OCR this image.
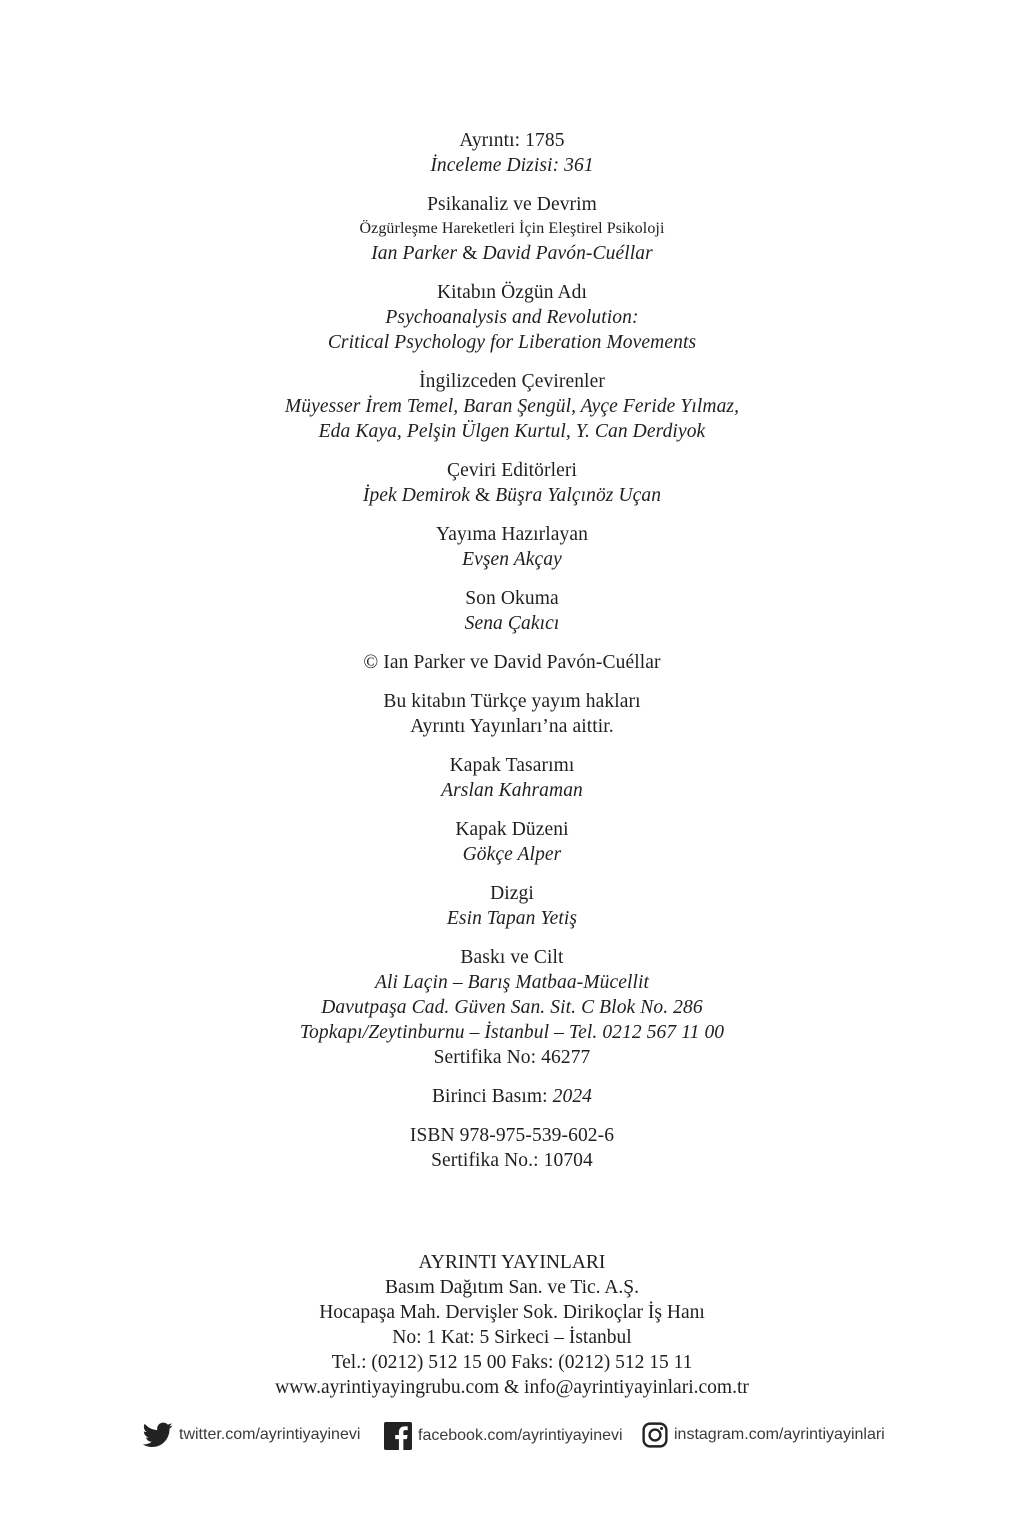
Ayrıntı: 1785
İnceleme Dizisi: 361
Psikanaliz ve Devrim
Özgürleşme Hareketleri İçin Eleştirel Psikoloji
Ian Parker & David Pavón-Cuéllar
Kitabın Özgün Adı
Psychoanalysis and Revolution:
Critical Psychology for Liberation Movements
İngilizceden Çevirenler
Müyesser İrem Temel, Baran Şengül, Ayçe Feride Yılmaz,
Eda Kaya, Pelşin Ülgen Kurtul, Y. Can Derdiyok
Çeviri Editörleri
İpek Demirok & Büşra Yalçınöz Uçan
Yayıma Hazırlayan
Evşen Akçay
Son Okuma
Sena Çakıcı
© Ian Parker ve David Pavón-Cuéllar
Bu kitabın Türkçe yayım hakları
Ayrıntı Yayınları’na aittir.
Kapak Tasarımı
Arslan Kahraman
Kapak Düzeni
Gökçe Alper
Dizgi
Esin Tapan Yetiş
Baskı ve Cilt
Ali Laçin – Barış Matbaa-Mücellit
Davutpaşa Cad. Güven San. Sit. C Blok No. 286
Topkapı/Zeytinburnu – İstanbul – Tel. 0212 567 11 00
Sertifika No: 46277
Birinci Basım: 2024
ISBN 978-975-539-602-6
Sertifika No.: 10704
AYRINTI YAYINLARI
Basım Dağıtım San. ve Tic. A.Ş.
Hocapaşa Mah. Dervişler Sok. Dirikoçlar İş Hanı
No: 1 Kat: 5 Sirkeci – İstanbul
Tel.: (0212) 512 15 00 Faks: (0212) 512 15 11
www.ayrintiyayingrubu.com & info@ayrintiyayinlari.com.tr
twitter.com/ayrintiyayinevi	facebook.com/ayrintiyayinevi	instagram.com/ayrintiyayinlari
